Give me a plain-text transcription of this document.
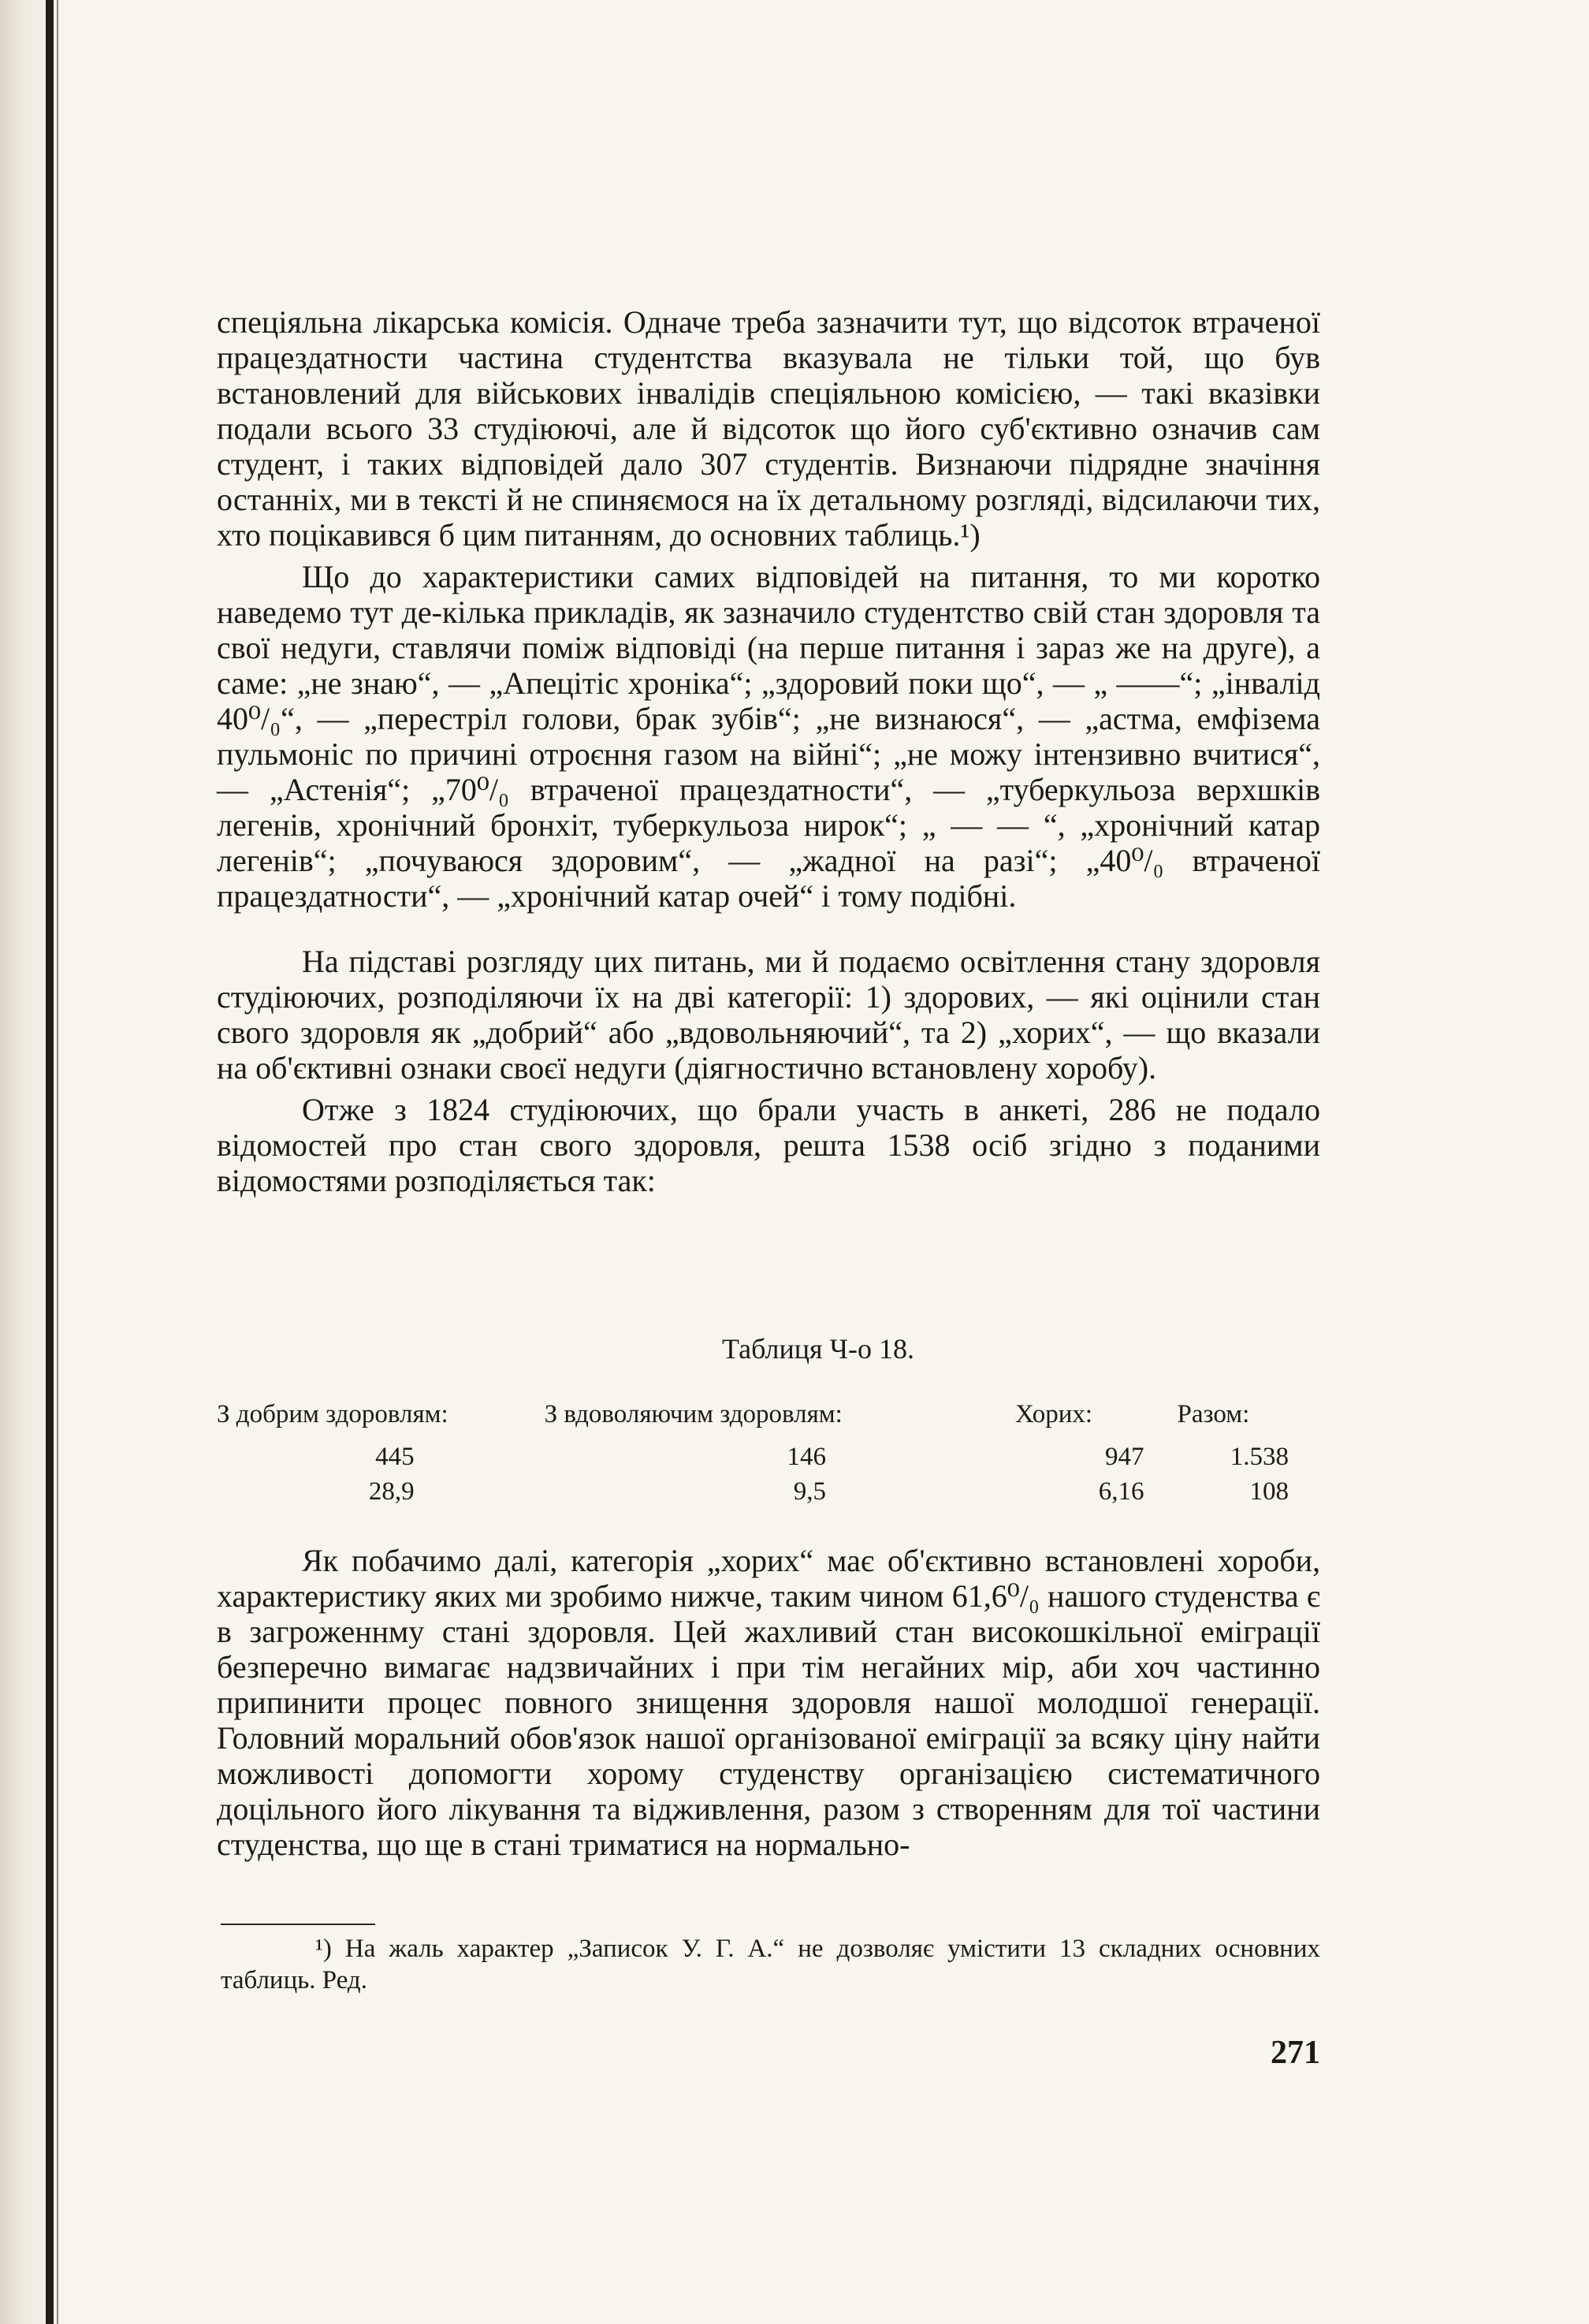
спеціяльна лікарська комісія. Одначе треба зазначити тут, що відсоток втраченої працездатности частина студентства вказувала не тільки той, що був встановлений для військових інвалідів спеціяльною комісією, — такі вказівки подали всього 33 студіюючі, але й відсоток що його суб'єктивно означив сам студент, і таких відповідей дало 307 студентів. Визнаючи підрядне значіння останніх, ми в тексті й не спиняємося на їх детальному розгляді, відсилаючи тих, хто поцікавився б цим питанням, до основних таблиць.¹)

Що до характеристики самих відповідей на питання, то ми коротко наведемо тут де-кілька прикладів, як зазначило студентство свій стан здоровля та свої недуги, ставлячи поміж відповіді (на перше питання і зараз же на друге), а саме: „не знаю“, — „Апецітіс хроніка“; „здоровий поки що“, — „ ——“; „інвалід 40⁰/₀“, — „перестріл голови, брак зубів“; „не визнаюся“, — „астма, емфізема пульмоніс по причині отроєння газом на війні“; „не можу інтензивно вчитися“, — „Астенія“; „70⁰/₀ втраченої працездатности“, — „туберкульоза верхшків легенів, хронічний бронхіт, туберкульоза нирок“; „ — — “, „хронічний катар легенів“; „почуваюся здоровим“, — „жадної на разі“; „40⁰/₀ втраченої працездатности“, — „хронічний катар очей“ і тому подібні.

На підставі розгляду цих питань, ми й подаємо освітлення стану здоровля студіюючих, розподіляючи їх на дві категорії: 1) здорових, — які оцінили стан свого здоровля як „добрий“ або „вдовольняючий“, та 2) „хорих“, — що вказали на об'єктивні ознаки своєї недуги (діягностично встановлену хоробу).

Отже з 1824 студіюючих, що брали участь в анкеті, 286 не подало відомостей про стан свого здоровля, решта 1538 осіб згідно з поданими відомостями розподіляється так:

Таблиця Ч-о 18.
З добрим здоровлям:	З вдоволяючим здоровлям:	Хорих:	Разом:
445	146	947	1.538
28,9	9,5	6,16	108

Як побачимо далі, категорія „хорих“ має об'єктивно встановлені хороби, характеристику яких ми зробимо нижче, таким чином 61,6⁰/₀ нашого студенства є в загроженнму стані здоровля. Цей жахливий стан високошкільної еміграції безперечно вимагає надзвичайних і при тім негайних мір, аби хоч частинно припинити процес повного знищення здоровля нашої молодшої генерації. Головний моральний обов'язок нашої організованої еміграції за всяку ціну найти можливості допомогти хорому студенству організацією систематичного доцільного його лікування та відживлення, разом з створенням для тої частини студенства, що ще в стані триматися на нормально-

¹) На жаль характер „Записок У. Г. А.“ не дозволяє умістити 13 складних основних таблиць. Ред.

271
